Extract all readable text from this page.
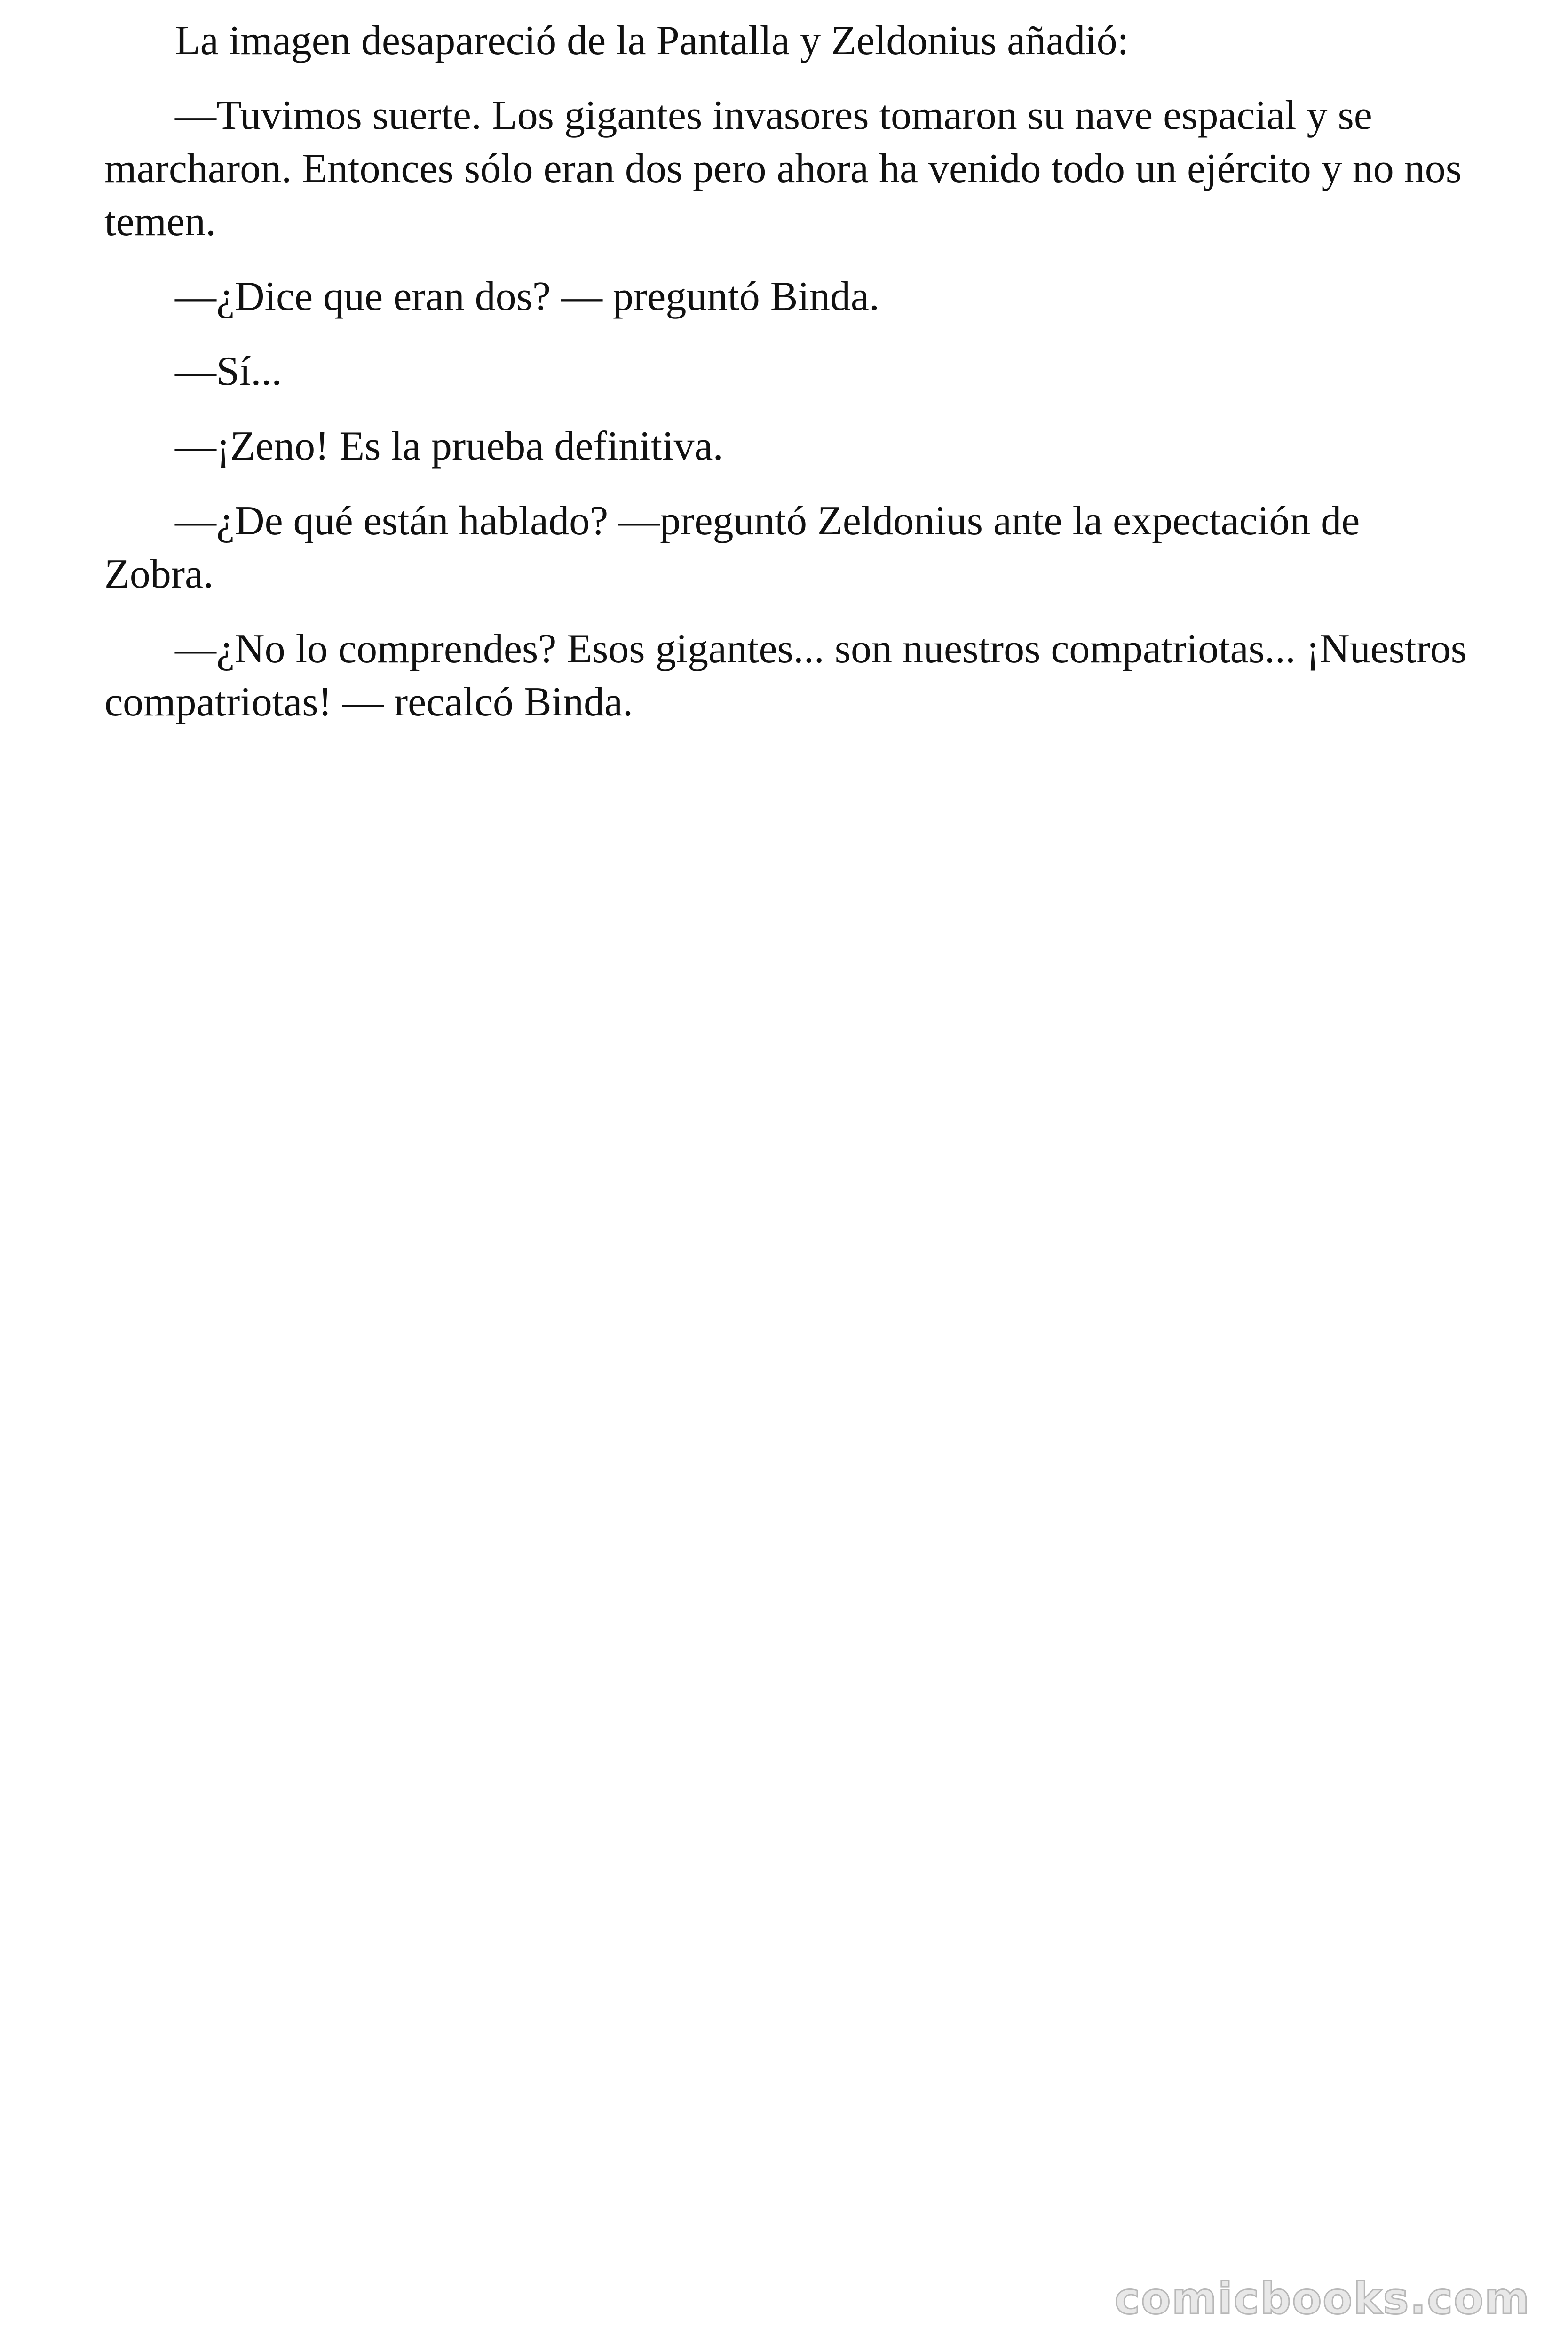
La imagen desapareció de la Pantalla y Zeldonius añadió:

—Tuvimos suerte. Los gigantes invasores tomaron su nave espacial y se marcharon. Entonces sólo eran dos pero ahora ha venido todo un ejército y no nos temen.

—¿Dice que eran dos? — preguntó Binda.

—Sí...

—¡Zeno! Es la prueba definitiva.

—¿De qué están hablado? —preguntó Zeldonius ante la expectación de Zobra.

—¿No lo comprendes? Esos gigantes... son nuestros compatriotas... ¡Nuestros compatriotas! — recalcó Binda.

comicbooks.com
